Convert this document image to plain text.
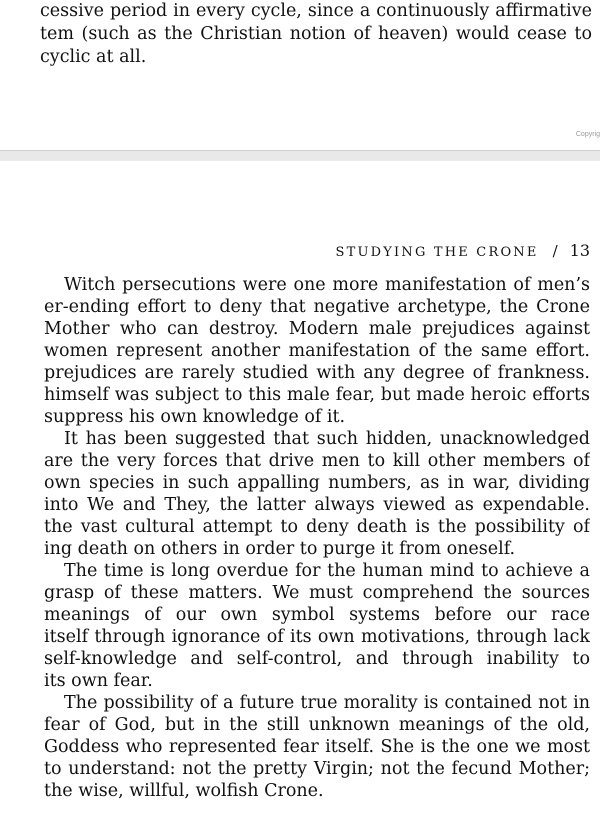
cessive period in every cycle, since a continuously affirmative
tem (such as the Christian notion of heaven) would cease to
cyclic at all.
Copyrig
STUDYING THE CRONE / 13
Witch persecutions were one more manifestation of men’s
er-ending effort to deny that negative archetype, the Crone
Mother who can destroy. Modern male prejudices against
women represent another manifestation of the same effort.
prejudices are rarely studied with any degree of frankness.
himself was subject to this male fear, but made heroic efforts
suppress his own knowledge of it.
It has been suggested that such hidden, unacknowledged
are the very forces that drive men to kill other members of
own species in such appalling numbers, as in war, dividing
into We and They, the latter always viewed as expendable.
the vast cultural attempt to deny death is the possibility of
ing death on others in order to purge it from oneself.
The time is long overdue for the human mind to achieve a
grasp of these matters. We must comprehend the sources
meanings of our own symbol systems before our race
itself through ignorance of its own motivations, through lack
self-knowledge and self-control, and through inability to
its own fear.
The possibility of a future true morality is contained not in
fear of God, but in the still unknown meanings of the old,
Goddess who represented fear itself. She is the one we most
to understand: not the pretty Virgin; not the fecund Mother;
the wise, willful, wolfish Crone.
